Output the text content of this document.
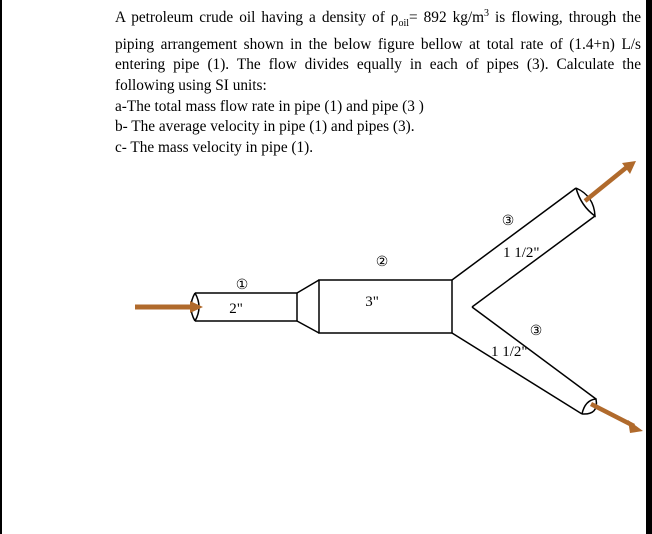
A petroleum crude oil having a density of $\rho_{oil}= 892$ $kg/m^3$ is flowing, through the piping arrangement shown in the below figure bellow at total rate of (1.4+n) L/s entering pipe (1). The flow divides equally in each of pipes (3). Calculate the following using SI units:

a-The total mass flow rate in pipe (1) and pipe (3 )

b- The average velocity in pipe (1) and pipes (3).

c- The mass velocity in pipe (1).

①
2"
②
3"
③
1 1/2"
③
1 1/2"
